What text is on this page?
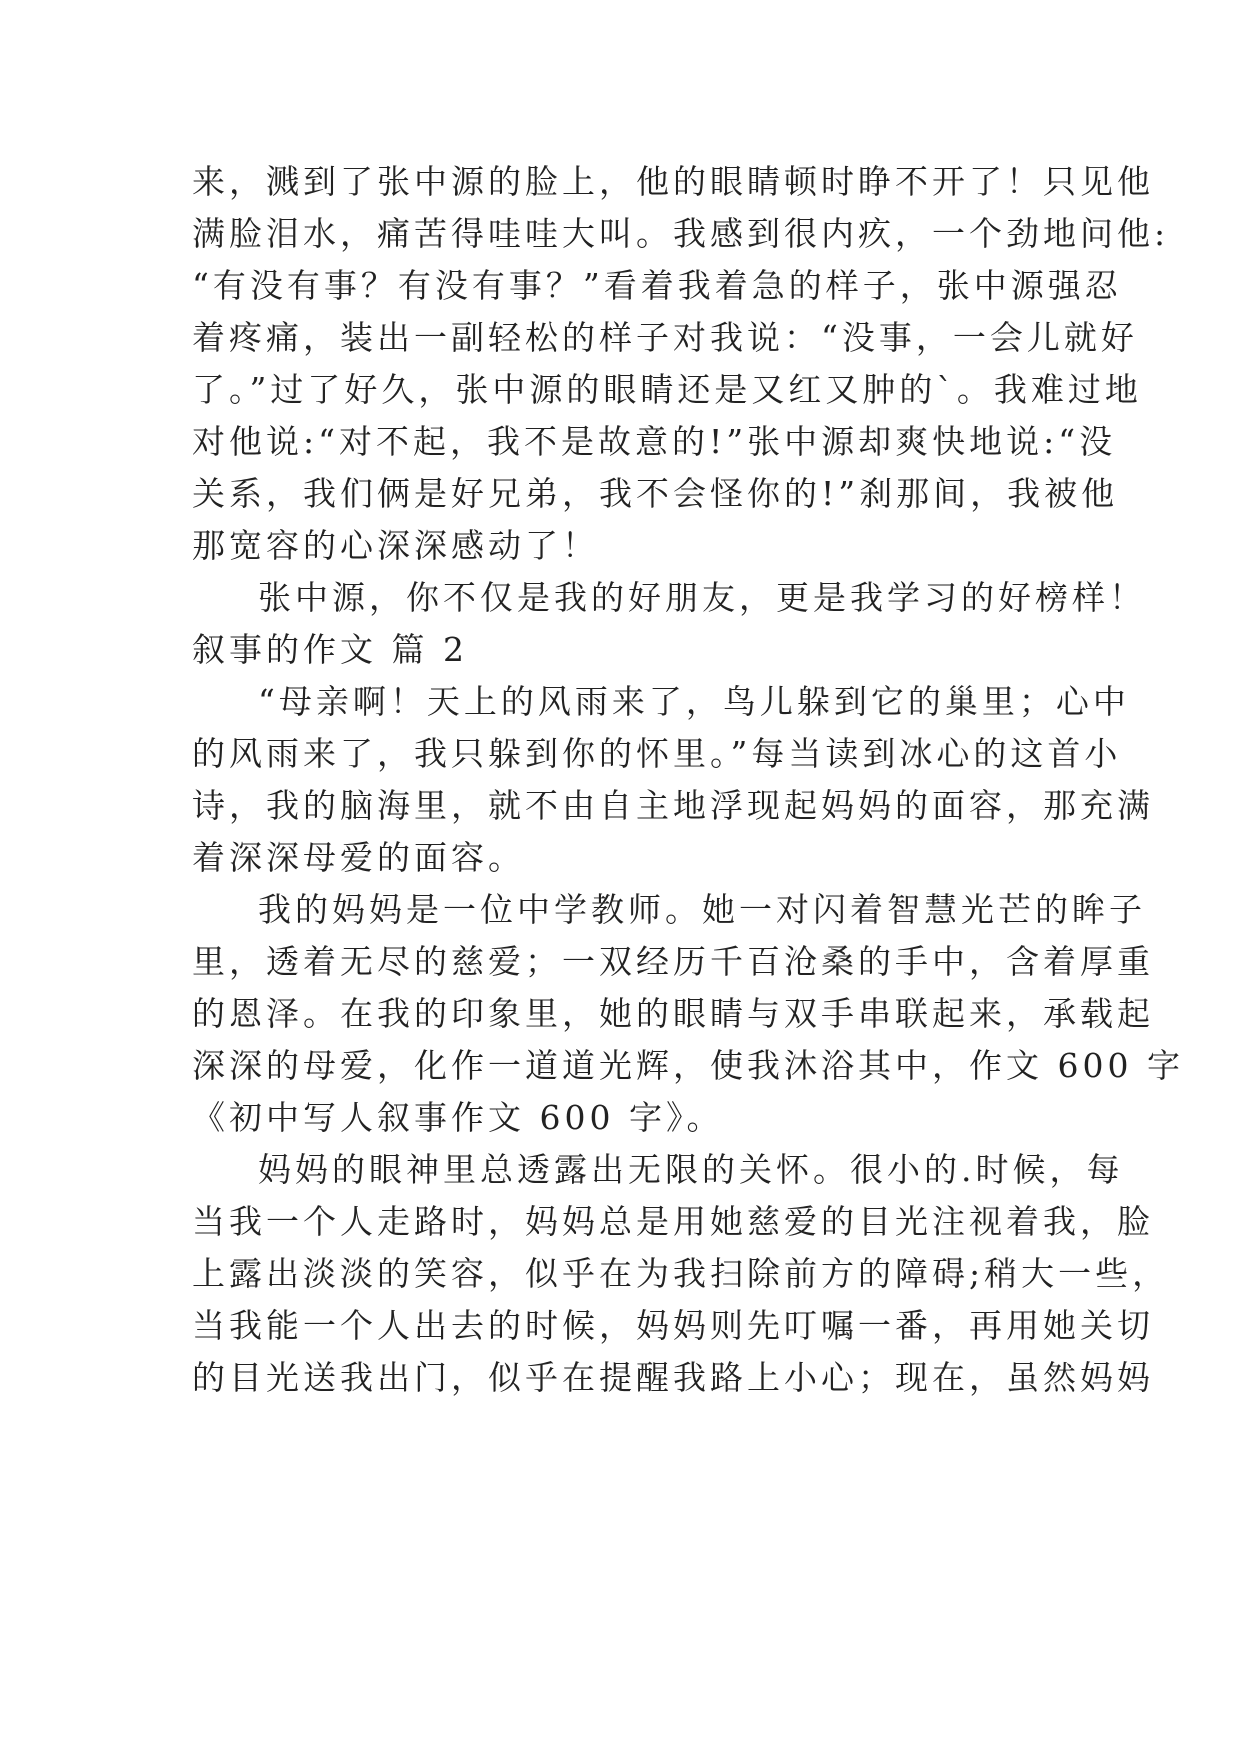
来，溅到了张中源的脸上，他的眼睛顿时睁不开了！只见他
满脸泪水，痛苦得哇哇大叫。我感到很内疚，一个劲地问他:
“有没有事？有没有事？”看着我着急的样子，张中源强忍
着疼痛，装出一副轻松的样子对我说：“没事，一会儿就好
了。”过了好久，张中源的眼睛还是又红又肿的`。我难过地
对他说:“对不起，我不是故意的!”张中源却爽快地说:“没
关系，我们俩是好兄弟，我不会怪你的!”刹那间，我被他
那宽容的心深深感动了！
张中源，你不仅是我的好朋友，更是我学习的好榜样！
叙事的作文 篇 2
“母亲啊！天上的风雨来了，鸟儿躲到它的巢里；心中
的风雨来了，我只躲到你的怀里。”每当读到冰心的这首小
诗，我的脑海里，就不由自主地浮现起妈妈的面容，那充满
着深深母爱的面容。
我的妈妈是一位中学教师。她一对闪着智慧光芒的眸子
里，透着无尽的慈爱；一双经历千百沧桑的手中，含着厚重
的恩泽。在我的印象里，她的眼睛与双手串联起来，承载起
深深的母爱，化作一道道光辉，使我沐浴其中，作文 600 字
《初中写人叙事作文 600 字》。
妈妈的眼神里总透露出无限的关怀。很小的.时候，每
当我一个人走路时，妈妈总是用她慈爱的目光注视着我，脸
上露出淡淡的笑容，似乎在为我扫除前方的障碍;稍大一些，
当我能一个人出去的时候，妈妈则先叮嘱一番，再用她关切
的目光送我出门，似乎在提醒我路上小心；现在，虽然妈妈
